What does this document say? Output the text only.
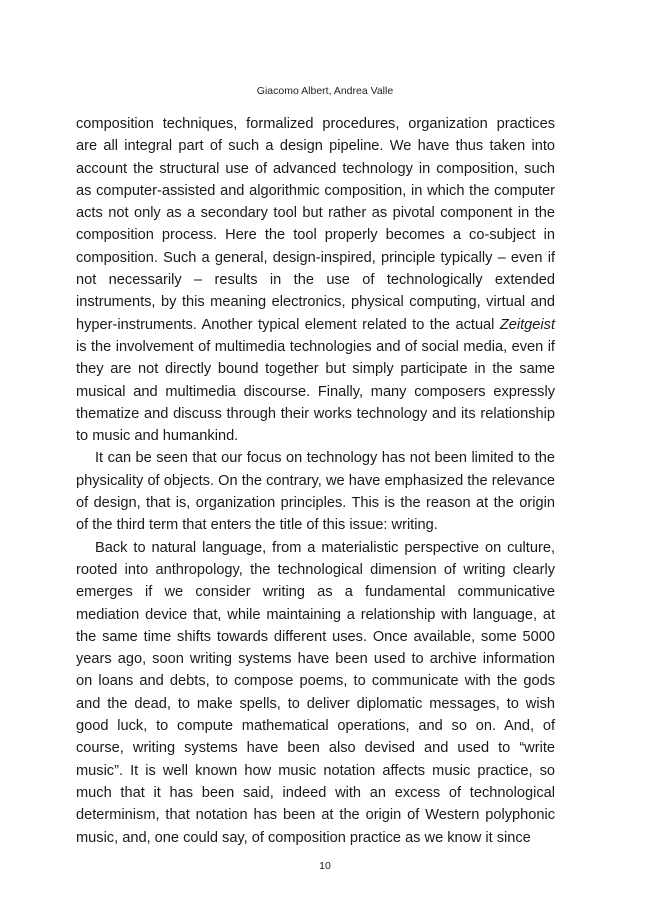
Giacomo Albert, Andrea Valle

composition techniques, formalized procedures, organization practices are all integral part of such a design pipeline. We have thus taken into account the structural use of advanced technology in composition, such as computer-assisted and algorithmic composition, in which the computer acts not only as a secondary tool but rather as pivotal component in the composition process. Here the tool properly becomes a co-subject in composition. Such a general, design-inspired, principle typically – even if not necessarily – results in the use of technologically extended instruments, by this meaning electronics, physical computing, virtual and hyper-instruments. Another typical element related to the actual Zeitgeist is the involvement of multimedia technologies and of social media, even if they are not directly bound together but simply participate in the same musical and multimedia discourse. Finally, many composers expressly thematize and discuss through their works technology and its relationship to music and humankind.

It can be seen that our focus on technology has not been limited to the physicality of objects. On the contrary, we have emphasized the relevance of design, that is, organization principles. This is the reason at the origin of the third term that enters the title of this issue: writing.

Back to natural language, from a materialistic perspective on culture, rooted into anthropology, the technological dimension of writing clearly emerges if we consider writing as a fundamental communicative mediation device that, while maintaining a relationship with language, at the same time shifts towards different uses. Once available, some 5000 years ago, soon writing systems have been used to archive information on loans and debts, to compose poems, to communicate with the gods and the dead, to make spells, to deliver diplomatic messages, to wish good luck, to compute mathematical operations, and so on. And, of course, writing systems have been also devised and used to “write music”. It is well known how music notation affects music practice, so much that it has been said, indeed with an excess of technological determinism, that notation has been at the origin of Western polyphonic music, and, one could say, of composition practice as we know it since

10
